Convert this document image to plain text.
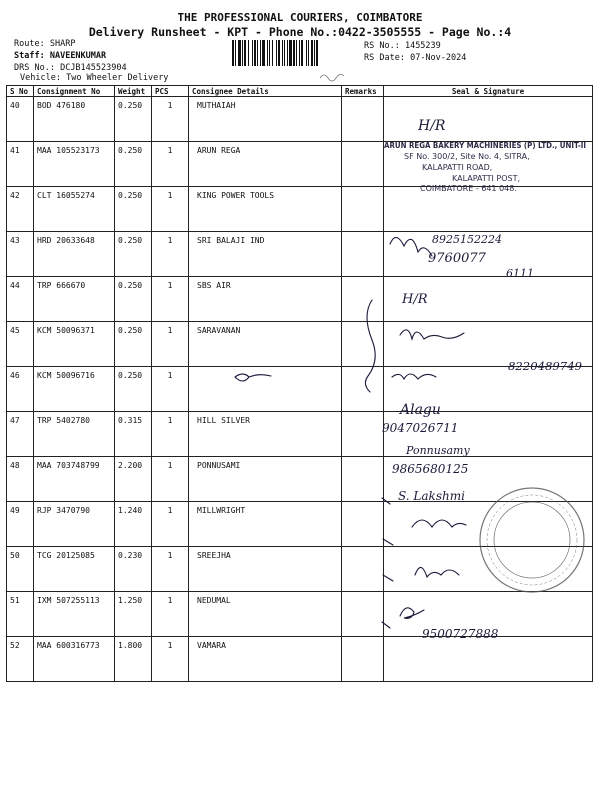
THE PROFESSIONAL COURIERS, COIMBATORE
Delivery Runsheet - KPT - Phone No.:0422-3505555 - Page No.:4
Route: SHARP
Staff: NAVEENKUMAR
DRS No.: DCJB145523904
Vehicle: Two Wheeler Delivery
RS No.: 1455239
RS Date: 07-Nov-2024
S No	Consignment No	Weight	PCS	Consignee Details	Remarks	Seal & Signature
40	BOD 476180	0.250	1	MUTHAIAH		
41	MAA 105523173	0.250	1	ARUN REGA		
42	CLT 16055274	0.250	1	KING POWER TOOLS		
43	HRD 20633648	0.250	1	SRI BALAJI IND		
44	TRP 666670	0.250	1	SBS AIR		
45	KCM 50096371	0.250	1	SARAVANAN		
46	KCM 50096716	0.250	1			
47	TRP 5402780	0.315	1	HILL SILVER		
48	MAA 703748799	2.200	1	PONNUSAMI		
49	RJP 3470790	1.240	1	MILLWRIGHT		
50	TCG 20125085	0.230	1	SREEJHA		
51	IXM 507255113	1.250	1	NEDUMAL		
52	MAA 600316773	1.800	1	VAMARA		
H/R
8925152224
9760077
6111
H/R
8220489749
Alagu
9047026711
Ponnusamy
9865680125
S. Lakshmi
9500727888
ARUN REGA BAKERY MACHINERIES (P) LTD., UNIT-II
SF No. 300/2, Site No. 4, SITRA,
KALAPATTI ROAD,
KALAPATTI POST,
COIMBATORE - 641 048.
